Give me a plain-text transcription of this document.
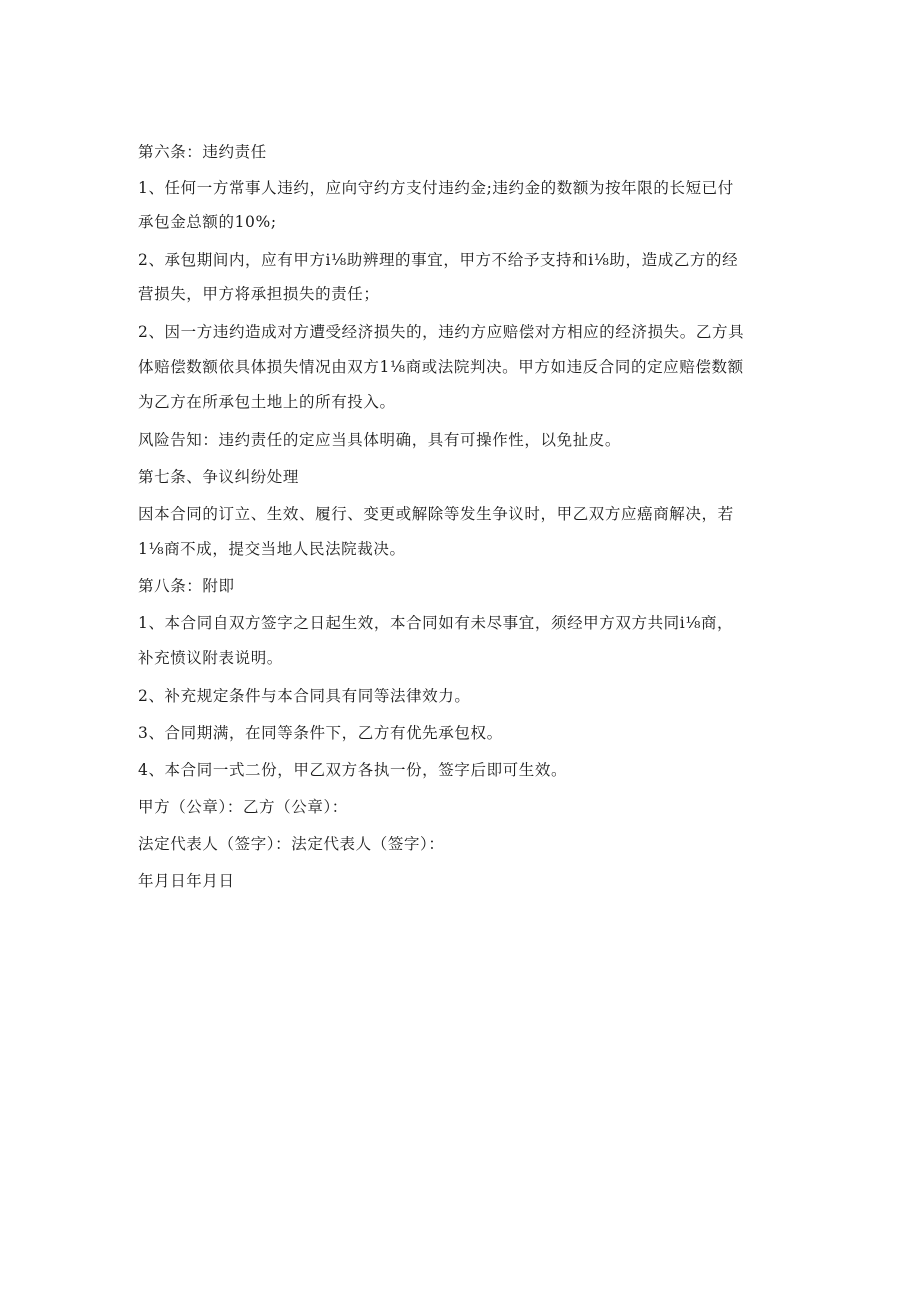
第六条：违约责任
1、任何一方常事人违约，应向守约方支付违约金;违约金的数额为按年限的长短已付
承包金总额的10%;
2、承包期间内，应有甲方i⅛助辨理的事宜，甲方不给予支持和i⅛助，造成乙方的经
营损失，甲方将承担损失的责任；
2、因一方违约造成对方遭受经济损失的，违约方应赔偿对方相应的经济损失。乙方具
体赔偿数额依具体损失情况由双方1⅛商或法院判决。甲方如违反合同的定应赔偿数额
为乙方在所承包土地上的所有投入。
风险告知：违约责任的定应当具体明确，具有可操作性，以免扯皮。
第七条、争议纠纷处理
因本合同的订立、生效、履行、变更或解除等发生争议时，甲乙双方应癌商解决，若
1⅛商不成，提交当地人民法院裁决。
第八条：附即
1、本合同自双方签字之日起生效，本合同如有未尽事宜，须经甲方双方共同i⅛商，
补充愤议附表说明。
2、补充规定条件与本合同具有同等法律效力。
3、合同期满，在同等条件下，乙方有优先承包权。
4、本合同一式二份，甲乙双方各执一份，签字后即可生效。
甲方（公章）：乙方（公章）：
法定代表人（签字）：法定代表人（签字）：
年月日年月日
